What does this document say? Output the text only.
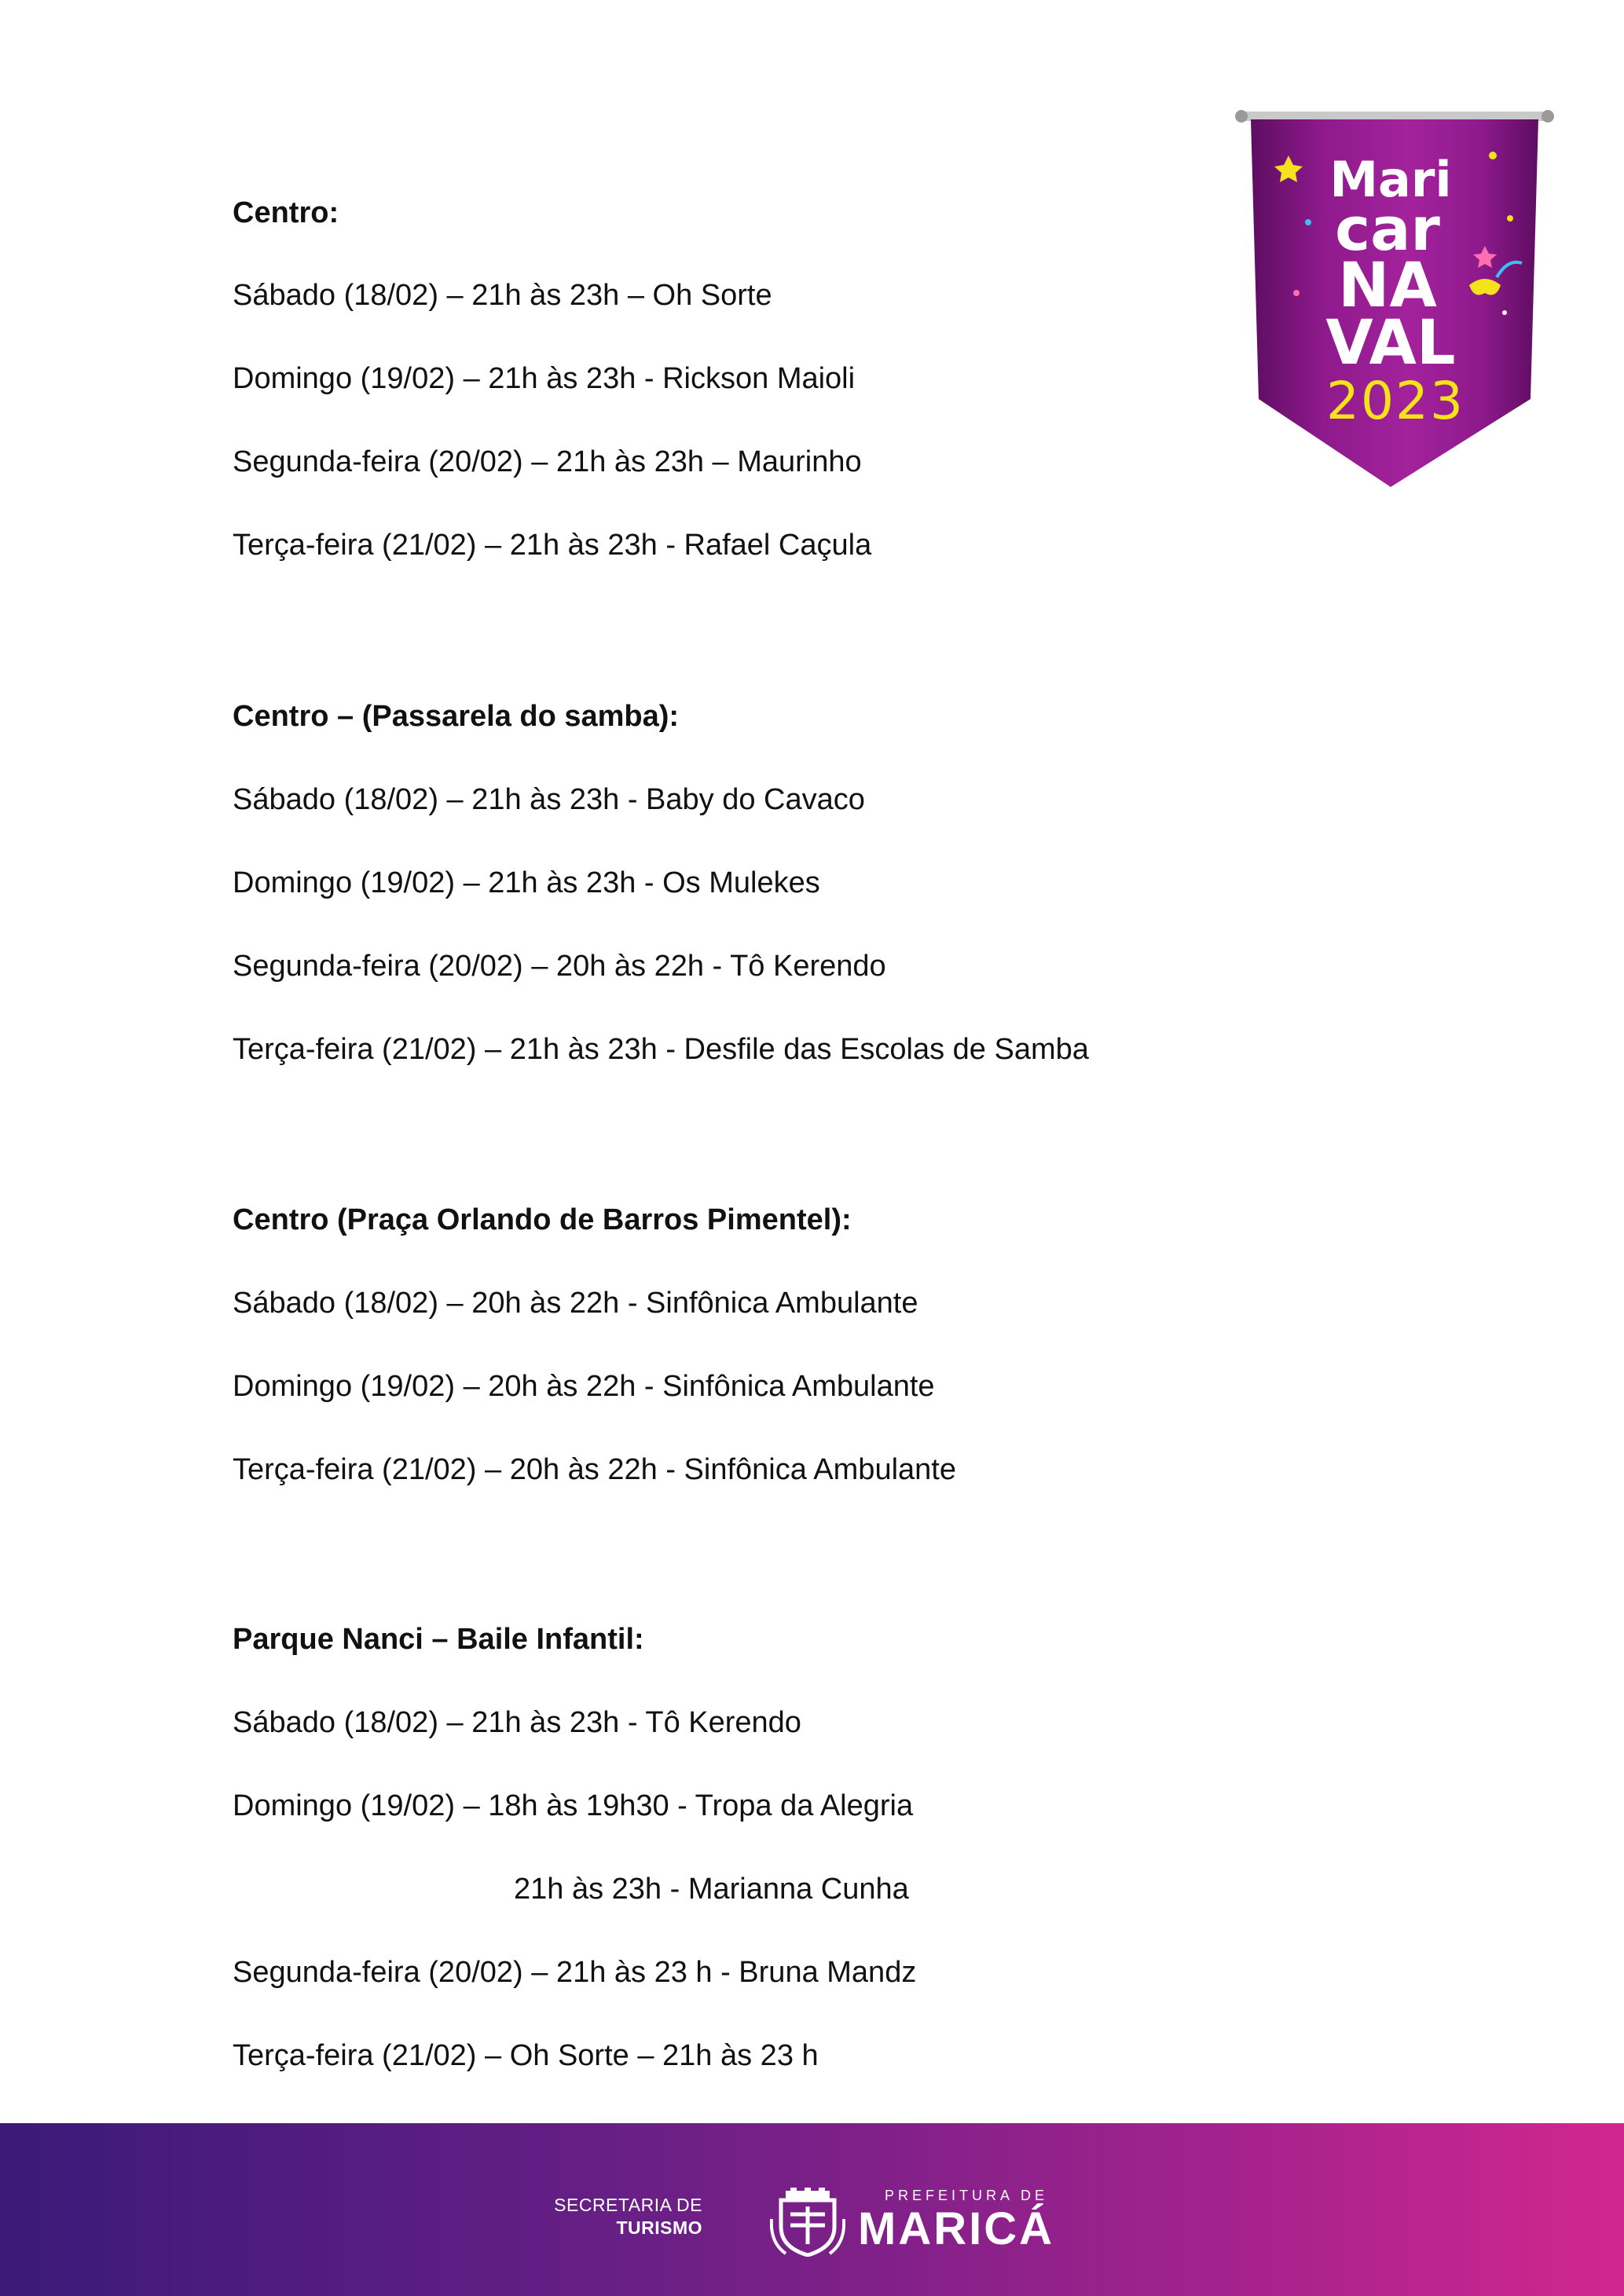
Centro:
Sábado (18/02) – 21h às 23h – Oh Sorte
Domingo (19/02) – 21h às 23h - Rickson Maioli
Segunda-feira (20/02) – 21h às 23h – Maurinho
Terça-feira (21/02) – 21h às 23h - Rafael Caçula
Centro – (Passarela do samba):
Sábado (18/02) – 21h às 23h - Baby do Cavaco
Domingo (19/02) – 21h às 23h - Os Mulekes
Segunda-feira (20/02) – 20h às 22h - Tô Kerendo
Terça-feira (21/02) – 21h às 23h - Desfile das Escolas de Samba
Centro (Praça Orlando de Barros Pimentel):
Sábado (18/02) – 20h às 22h - Sinfônica Ambulante
Domingo (19/02) – 20h às 22h - Sinfônica Ambulante
Terça-feira (21/02) – 20h às 22h - Sinfônica Ambulante
Parque Nanci – Baile Infantil:
Sábado (18/02) – 21h às 23h - Tô Kerendo
Domingo (19/02) – 18h às 19h30 - Tropa da Alegria
21h às 23h - Marianna Cunha
Segunda-feira (20/02) – 21h às 23 h - Bruna Mandz
Terça-feira (21/02) – Oh Sorte – 21h às 23 h
Mari
car
NA
VAL
2023
SECRETARIA DE
TURISMO
PREFEITURA DE
MARICÁ
